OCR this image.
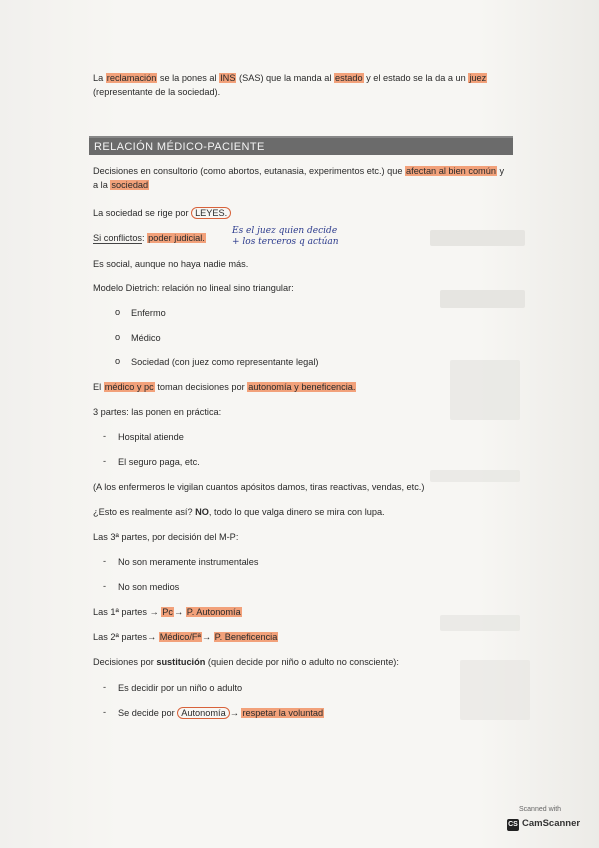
La reclamación se la pones al INS (SAS) que la manda al estado y el estado se la da a un juez
(representante de la sociedad).
RELACIÓN MÉDICO-PACIENTE
Decisiones en consultorio (como abortos, eutanasia, experimentos etc.) que afectan al bien común y
a la sociedad
La sociedad se rige por LEYES.
Si conflictos: poder judicial.
Es el juez quien decide
+ los terceros q actúan
Es social, aunque no haya nadie más.
Modelo Dietrich: relación no lineal sino triangular:
o Enfermo
o Médico
o Sociedad (con juez como representante legal)
El médico y pc toman decisiones por autonomía y beneficencia.
3 partes: las ponen en práctica:
- Hospital atiende
- El seguro paga, etc.
(A los enfermeros le vigilan cuantos apósitos damos, tiras reactivas, vendas, etc.)
¿Esto es realmente así? NO, todo lo que valga dinero se mira con lupa.
Las 3ª partes, por decisión del M-P:
- No son meramente instrumentales
- No son medios
Las 1ª partes → Pc→ P. Autonomía
Las 2ª partes→ Médico/Fª→ P. Beneficencia
Decisiones por sustitución (quien decide por niño o adulto no consciente):
- Es decidir por un niño o adulto
- Se decide por Autonomía → respetar la voluntad
Scanned with
CS CamScanner
